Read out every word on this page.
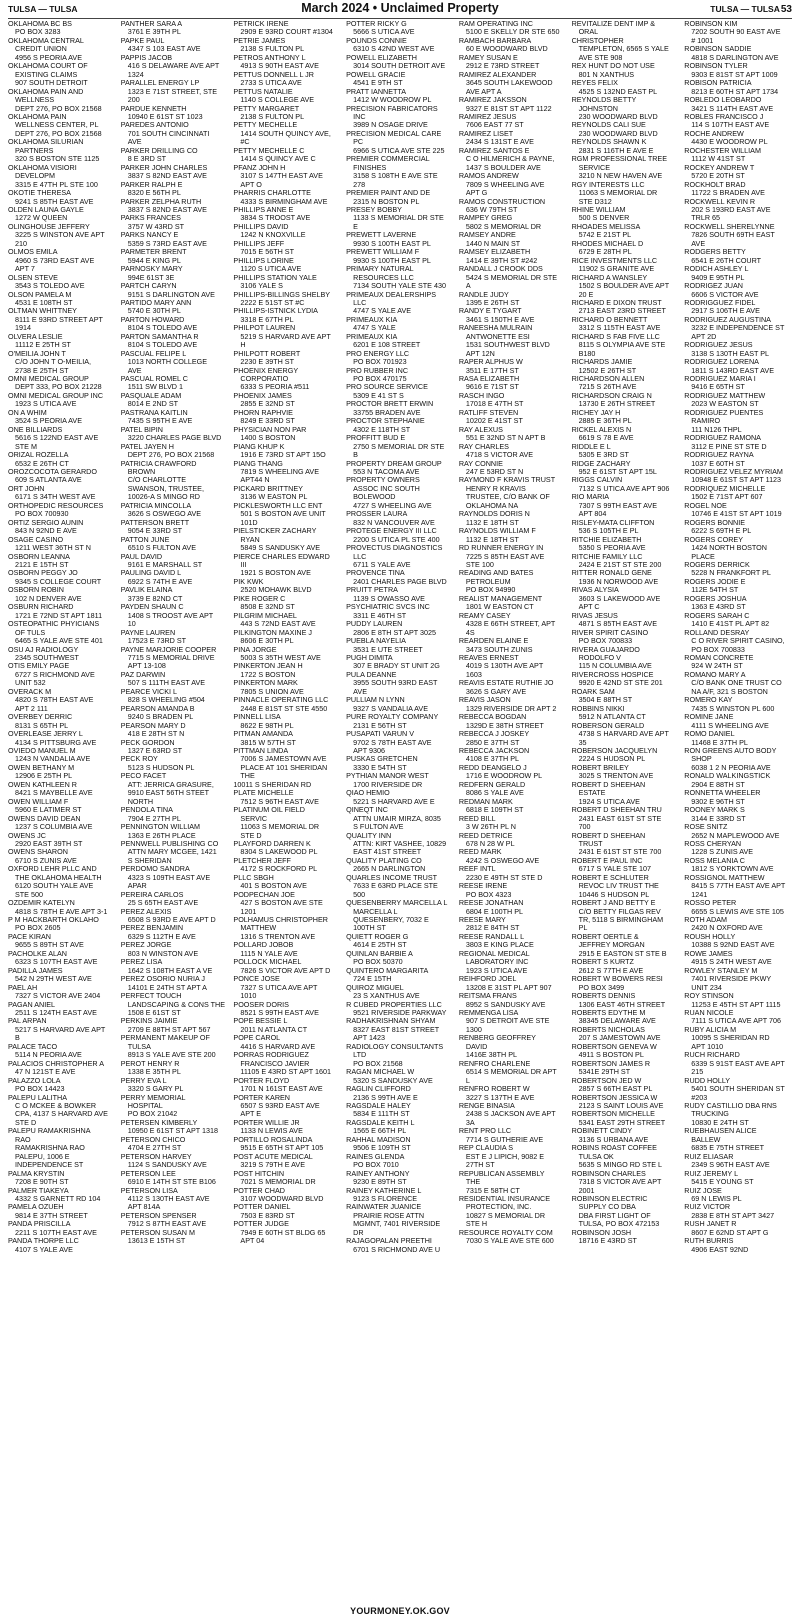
TULSA — TULSA	March 2024 • Unclaimed Property	TULSA — TULSA53
OKLAHOMA BC BS
PO BOX 3283
OKLAHOMA CENTRAL
CREDIT UNION
4956 S PEORIA AVE
OKLAHOMA COURT OF
EXISTING CLAIMS
907 SOUTH DETROIT
OKLAHOMA PAIN AND
WELLNESS
DEPT 276, PO BOX 21568
OKLAHOMA PAIN
WELLNESS CENTER, PL
DEPT 276, PO BOX 21568
OKLAHOMA SILURIAN
PARTNERS
320 S BOSTON STE 1125
OKLAHOMA VISIORI
DEVELOPM
3315 E 47TH PL STE 100
OKOTIE THERESA
9241 S 85TH EAST AVE
OLDEN LAUNA GAYLE
1272 W QUEEN
OLINGHOUSE JEFFERY
3225 S WINSTON AVE APT
210
OLMOS EMILA
4960 S 73RD EAST AVE
APT 7
OLSEN STEVE
3543 S TOLEDO AVE
OLSON PAMELA M
4531 E 108TH ST
OLTMAN WHITTNEY
8111 E 93RD STREET APT
1914
OLVERA LESLIE
11112 E 25TH ST
O'MEILIA JOHN T
C/O JOHN T O-MEILIA,
2738 E 25TH ST
OMNI MEDICAL GROUP
DEPT 333, PO BOX 21228
OMNI MEDICAL GROUP INC
1923 S UTICA AVE
ON A WHIM
3524 S PEORIA AVE
ONE BILLIARDS
5616 S 122ND EAST AVE
STE M
ORIZAL ROZELLA
6532 E 26TH CT
OROZCOCOTA GERARDO
609 S ATLANTA AVE
ORT JOHN
6171 S 34TH WEST AVE
ORTHOPEDIC RESOURCES
PO BOX 700930
ORTIZ SERGIO AUNIN
843 N 92ND E AVE
OSAGE CASINO
1211 WEST 36TH ST N
OSBORN LEANNA
2121 E 15TH ST
OSBORN PEGGY JO
9345 S COLLEGE COURT
OSBORN ROBIN
102 N DENVER AVE
OSBURN RICHARD
1721 E 72ND ST APT 1811
OSTEOPATHIC PHYICIANS
OF TULS
6465 S YALE AVE STE 401
OSU AJ RADIOLOGY
2345 SOUTHWEST
OTIS EMILY PAGE
6727 S RICHMOND AVE
UNIT 532
OVERACK M
4820 S 78TH EAST AVE
APT 2 111
OVERBEY DERRIC
8131 S 65TH PL
OVERLEASE JERRY L
4134 S PITTSBURG AVE
OVIEDO MANUEL M
1243 N VANDALIA AVE
OWEN BETHANY M
12906 E 25TH PL
OWEN KATHLEEN R
8421 S MAYBELLE AVE
OWEN WILLIAM F
5960 E LATIMER ST
OWENS DAVID DEAN
1237 S COLUMBIA AVE
OWENS JC
2920 EAST 39TH ST
OWENS SHARON
6710 S ZUNIS AVE
OXFORD LEHR PLLC AND
THE OKLAHOMA HEALTH
6120 SOUTH YALE AVE
STE 500
OZDEMIR KATELYN
4818 S 78TH E AVE APT 3-1
P M HACKBARTH OKLAHO
PO BOX 2605
PACE KIRAN
9655 S 89TH ST AVE
PACHOLKE ALAN
6323 S 107TH EAST AVE
PADILLA JAMES
542 N 29TH WEST AVE
PAEL AH
7327 S VICTOR AVE 2404
PAGAN ANIEL
2511 S 124TH EAST AVE
PAL ARPAN
5217 S HARVARD AVE APT
B
PALACE TACO
5114 N PEORIA AVE
PALACIOS CHRISTOPHER A
47 N 121ST E AVE
PALAZZO LOLA
PO BOX 14423
PALEPU LALITHA
C O MCKEE & BOWKER
CPA, 4137 S HARVARD AVE
STE D
PALEPU RAMAKRISHNA
RAO
RAMAKRISHNA RAO
PALEPU, 1006 E
INDEPENDENCE ST
PALMA KRYSTIN
7208 E 90TH ST
PALMER TIAKEYA
4332 S GARNETT RD 104
PAMELA OZUEH
9814 E 37TH STREET
PANDA PRISCILLA
2211 S 107TH EAST AVE
PANDA THORPE LLC
4107 S YALE AVE
PANTHER SARA A
3761 E 39TH PL
PAPKE PAUL
4347 S 103 EAST AVE
PAPPIS JACOB
416 S DELAWARE AVE APT
1324
PARALLEL ENERGY LP
1323 E 71ST STREET, STE
200
PARDUE KENNETH
10940 E 61ST ST 1023
PAREDES ANTONIO
701 SOUTH CINCINNATI
AVE
PARKER DRILLING CO
8 E 3RD ST
PARKER JOHN CHARLES
3837 S 82ND EAST AVE
PARKER RALPH E
8320 E 56TH PL
PARKER ZELPHA RUTH
3837 S 82ND EAST AVE
PARKS FRANCES
3757 W 43RD ST
PARKS NANCY E
5359 S 73RD EAST AVE
PARMETER BRENT
5944 E KING PL
PARNOSKY MARY
994E 61ST 3E
PARTCH CARYN
9151 S DARLINGTON AVE
PARTIDO MARY ANN
5740 E 30TH PL
PARTON HOWARD
8104 S TOLEDO AVE
PARTON SAMANTHA R
8104 S TOLEDO AVE
PASCUAL FELIPE L
1013 NORTH COLLEGE
AVE
PASCUAL ROMEL C
1511 SW BLVD 1
PASQUALE ADAM
8014 E 2ND ST
PASTRANA KAITLIN
7435 S 95TH E AVE
PATEL BIPIN
3220 CHARLES PAGE BLVD
PATEL JAYEN H
DEPT 276, PO BOX 21568
PATRICIA CRAWFORD
BROWN
C/O CHARLOTTE
SWANSON, TRUSTEE,
10026-A S MINGO RD
PATRICIA MINCOLLA
3626 S OSWEGO AVE
PATTERSON BRETT
9054 E 33RD ST
PATTON JUNE
6510 S FULTON AVE
PAUL DAVID
9161 E MARSHALL ST
PAULING DAVID L
6922 S 74TH E AVE
PAVLIK ELAINA
3739 E 82ND CT
PAYDEN SHAUN C
1408 S TROOST AVE APT
10
PAYNE LAUREN
17523 E 73RD ST
PAYNE MARJORIE COOPER
7715 S MEMORIAL DRIVE
APT 13-108
PAZ DARWIN
507 S 111TH EAST AVE
PEARCE VICKI L
828 S WHEELING #504
PEARSON AMANDA B
9240 S BRADEN PL
PEARSON MARY D
418 E 28TH ST N
PECK GORDON
1327 E 63RD ST
PECK ROY
5123 S HUDSON PL
PECO FACET
ATT: JERRICA GRASURE,
9910 EAST 56TH STEET
NORTH
PENDOLA TINA
7904 E 27TH PL
PENNINGTON WILLIAM
1363 E 26TH PLACE
PENNWELL PUBLISHING CO
ATTN MARY MCGEE, 1421
S SHERIDAN
PERDOMO SANDRA
4323 S 109TH EAST AVE
APAR
PEREIRA CARLOS
25 S 65TH EAST AVE
PEREZ ALEXIS
6508 S 93RD E AVE APT D
PEREZ BENJAMIN
6329 S 112TH E AVE
PEREZ JORGE
803 N WINSTON AVE
PEREZ LISA
1642 S 108TH EAST A VE
PEREZ OSORIO NURIA J
14101 E 24TH ST APT A
PERFECT TOUCH
LANDSCAPING & CONS THE
1508 E 61ST ST
PERKINS JAIMIE
2709 E 88TH ST APT 567
PERMANENT MAKEUP OF
TULSA
8913 S YALE AVE STE 200
PEROT HENRY R
1338 E 35TH PL
PERRY EVA L
3320 S GARY PL
PERRY MEMORIAL
HOSPITAL
PO BOX 21042
PETERSEN KIMBERLY
10950 E 61ST ST APT 1318
PETERSON CHICO
4704 E 27TH ST
PETERSON HARVEY
1124 S SANDUSKY AVE
PETERSON LEE
6910 E 14TH ST STE B106
PETERSON LISA
4112 S 130TH EAST AVE
APT 814A
PETERSON SPENSER
7912 S 87TH EAST AVE
PETERSON SUSAN M
13613 E 15TH ST
PETRICK IRENE
2909 E 93RD COURT #1304
PETRIE JAMES
2138 S FULTON PL
PETROS ANTHONY L
4913 S 90TH EAST AVE
PETTUS DONNELL L JR
2733 S UTICA AVE
PETTUS NATALIE
1140 S COLLEGE AVE
PETTY MARGARET
2138 S FULTON PL
PETTY MECHELLE
1414 SOUTH QUINCY AVE,
#C
PETTY MECHELLE C
1414 S QUINCY AVE C
PFANZ JOHN H
3107 S 147TH EAST AVE
APT O
PHARRIS CHARLOTTE
4333 S BIRMINGHAM AVE
PHILLIPS ANNE E
3834 S TROOST AVE
PHILLIPS DAVID
1242 N KNOXVILLE
PHILLIPS JEFF
7015 E 56TH ST
PHILLIPS LORINE
1120 S UTICA AVE
PHILLIPS STATION YALE
3106 YALE S
PHILLIPS-BILLINGS SHELBY
2222 E 51ST ST #C
PHILLIPS-ISTNICK LYDIA
3318 E 67TH PL
PHILPOT LAUREN
5219 S HARVARD AVE APT
H
PHILPOTT ROBERT
2230 E 39TH ST
PHOENIX ENERGY
CORPORATIO
6333 S PEORIA #511
PHOENIX JAMES
2855 E 32ND ST
PHORN RAPHVIE
8249 E 33RD ST
PHYSICIAN NON PAR
1400 S BOSTON
PIANG KHUP K
1916 E 73RD ST APT 15O
PIANG THANG
7819 S WHEELING AVE
APT44 N
PICKARD BRITTNEY
3136 W EASTON PL
PICKLESWORTH LLC ENT
501 S BOSTON AVE UNIT
101D
PIELSTICKER ZACHARY
RYAN
5849 S SANDUSKY AVE
PIERCE CHARLES EDWARD
III
1921 S BOSTON AVE
PIK KWK
2520 MOHAWK BLVD
PIKE ROGER C
8508 E 32ND ST
PILGRIM MICHAEL
443 S 72ND EAST AVE
PILKINGTON MAXINE J
8606 E 30TH PL
PINA JORGE
5003 S 35TH WEST AVE
PINKERTON JEAN H
1722 S BOSTON
PINKERTON MARK
7805 S UNION AVE
PINNACLE OPERATING LLC
2448 E 81ST ST STE 4550
PINNELL LISA
8622 E 98TH PL
PITMAN AMANDA
3815 W 57TH ST
PITTMAN LINDA
7006 S JAMESTOWN AVE
PLACE AT 101 SHERIDAN
THE
10011 S SHERIDAN RD
PLATE MICHELLE
7512 S 96TH EAST AVE
PLATINUM OIL FIELD
SERVIC
11063 S MEMORIAL DR
STE D
PLAYFORD DARREN K
8304 S LAKEWOOD PL
PLETCHER JEFF
4172 S ROCKFORD PL
PLLC SBGH
401 S BOSTON AVE
PODPECHAN JOE
427 S BOSTON AVE STE
1201
POLHAMUS CHRISTOPHER
MATTHEW
1316 S TRENTON AVE
POLLARD JOBOB
1115 N YALE AVE
POLLOCK MICHAEL
7826 S VICTOR AVE APT D
PONCE JOSE
7327 S UTICA AVE APT
1010
POOSER DORIS
8521 S 99TH EAST AVE
POPE BESSIE L
2011 N ATLANTA CT
POPE CAROL
4416 S HARVARD AVE
PORRAS RODRIGUEZ
FRANCISCO JAVIER
11105 E 43RD ST APT 1601
PORTER FLOYD
1701 N 161ST EAST AVE
PORTER KAREN
6507 S 93RD EAST AVE
APT E
PORTER WILLIE JR
1133 N LEWIS AVE
PORTILLO ROSALINDA
9515 E 65TH ST APT 105
POST ACUTE MEDICAL
3219 S 79TH E AVE
POST HITCHIN
7021 S MEMORIAL DR
POTTER CHAD
3107 WOODWARD BLVD
POTTER DANIEL
7503 E 83RD ST
POTTER JUDGE
7949 E 60TH ST BLDG 65
APT 04
POTTER RICKY G
5666 S UTICA AVE
POUNDS CONNIE
6310 S 42ND WEST AVE
POWELL ELIZABETH
3014 SOUTH DETROIT AVE
POWELL GRACIE
4541 E 9TH ST
PRATT IANNETTA
1412 W WOODROW PL
PRECISION FABRICATORS
INC
3989 N OSAGE DRIVE
PRECISION MEDICAL CARE
PC
6966 S UTICA AVE STE 225
PREMIER COMMERCIAL
FINISHES
3158 S 108TH E AVE STE
278
PREMIER PAINT AND DE
2315 N BOSTON PL
PRESEY BOBBY
1133 S MEMORIAL DR STE
E
PREWETT LAVERNE
9930 S 100TH EAST PL
PREWETT WILLIAM F
9930 S 100TH EAST PL
PRIMARY NATURAL
RESOURCES LLC
7134 SOUTH YALE STE 430
PRIMEAUX DEALERSHIPS
LLC
4747 S YALE AVE
PRIMEAUX KIA
4747 S YALE
PRIMEAUX KIA
6201 E 108 STREET
PRO ENERGY LLC
PO BOX 701923
PRO RUBBER INC
PO BOX 470175
PRO SOURCE SERVICE
5309 E 41 ST S
PROCTOR BRETT ERWIN
33755 BRADEN AVE
PROCTOR STEPHANIE
4302 E 118TH ST
PROFFITT BUD E
2750 S MEMORIAL DR STE
B
PROPERTY DREAM GROUP
553 N TACOMA AVE
PROPERTY OWNERS
ASSOC INC SOUTH
BOLEWOOD
4727 S WHEELING AVE
PROSSER LAURA
832 N VANCOUVER AVE
PROTEGE ENERGY III LLC
2200 S UTICA PL STE 400
PROVECTUS DIAGNOSTICS
LLC
6711 S YALE AVE
PROVENCE TINA
2401 CHARLES PAGE BLVD
PRUITT PETRA
1139 S OWASSO AVE
PSYCHIATRIC SVCS INC
3311 E 46TH ST
PUDDY LAUREN
2806 E 8TH ST APT 3025
PUEBLA NAYELIA
3531 E UTE STREET
PUGH DIMITA
307 E BRADY ST UNIT 2G
PULA DEANNE
3955 SOUTH 93RD EAST
AVE
PULLIAM N LYNN
9327 S VANDALIA AVE
PURE ROYALTY COMPANY
2131 E 56TH ST
PUSAPATI VARUN V
9702 S 78TH EAST AVE
APT 9306
PUSKAS GRETCHEN
3330 E 54TH ST
PYTHIAN MANOR WEST
1700 RIVERSIDE DR
QIAO HEMIO
5221 S HARVARD AVE E
QINEQT INC
ATTN UMAIR MIRZA, 8035
S FULTON AVE
QUALITY INN
ATTN: KIRT VASHEE, 10829
EAST 41ST STREET
QUALITY PLATING CO
2665 N DARLINGTON
QUARLES INCOME TRUST
7633 E 63RD PLACE STE
500
QUESENBERRY MARCELLA L
MARCELLA L
QUESENBERY, 7032 E
100TH ST
QUIETT ROGER G
4614 E 25TH ST
QUINLAN BARBIE A
PO BOX 50370
QUINTERO MARGARITA
724 E 15TH
QUIROZ MIGUEL
23 S XANTHUS AVE
R CUBED PROPERTIES LLC
9521 RIVERSIDE PARKWAY
RADHAKRISHNAN SHYAM
8327 EAST 81ST STREET
APT 1423
RADIOLOGY CONSULTANTS
LTD
PO BOX 21568
RAGAN MICHAEL W
5320 S SANDUSKY AVE
RAGLIN CLIFFORD
2136 S 99TH AVE E
RAGSDALE HALEY
5834 E 111TH ST
RAGSDALE KEITH L
1565 E 66TH PL
RAHHAL MADISON
9506 E 109TH ST
RAINES GLENDA
PO BOX 7010
RAINEY ANTHONY
9230 E 89TH ST
RAINEY KATHERINE L
9123 S FLORENCE
RAINWATER JUANICE
PRAIRIE ROSE ATTN
MGMNT, 7401 RIVERSIDE
DR
RAJAGOPALAN PREETHI
6701 S RICHMOND AVE U
RAM OPERATING INC
5100 E SKELLY DR STE 650
RAMBACH BARBARA
60 E WOODWARD BLVD
RAMEY SUSAN E
2912 E 73RD STREET
RAMIREZ ALEXANDER
3645 SOUTH LAKEWOOD
AVE APT A
RAMIREZ JAKSSON
9327 E 81ST ST APT 1122
RAMIREZ JESUS
7606 EAST 77 ST
RAMIREZ LISET
2434 S 131ST E AVE
RAMIREZ SANTOS E
C O HILMERICH & PAYNE,
1437 S BOULDER AVE
RAMOS ANDREW
7809 S WHEELING AVE
APT G
RAMOS CONSTRUCTION
636 W 79TH ST
RAMPEY GREG
5802 S MEMORIAL DR
RAMSEY ANDRE
1440 N MAIN ST
RAMSEY ELIZABETH
1414 E 39TH ST #242
RANDALL J CROOK DDS
5424 S MEMORIAL DR STE
A
RANDLE JUDY
1395 E 26TH ST
RANDY E TYGART
3461 S 150TH E AVE
RANEESHA MULRAIN
ANTWONETTE ESI
1531 SOUTHWEST BLVD
APT 12N
RAPER ALPHUS W
3511 E 17TH ST
RASA ELIZABETH
9616 E 71ST ST
RASCH INGO
17018 E 47TH ST
RATLIFF STEVEN
10202 E 41ST ST
RAY ALEXUS
551 E 32ND ST N APT B
RAY CHARLES
4718 S VICTOR AVE
RAY CONNIE
247 E 53RD ST N
RAYMOND F KRAVIS TRUST
HENRY R KRAVIS
TRUSTEE, C/O BANK OF
OKLAHOMA NA
RAYNOLDS DORIS N
1132 E 18TH ST
RAYNOLDS WILLIAM F
1132 E 18TH ST
RD RUNNER ENERGY IN
7225 S 85TH EAST AVE
STE 100
READING AND BATES
PETROLEUM
PO BOX 94990
REALIST MANAGEMENT
1801 W EASTON CT
REAMY CASEY
4328 E 66TH STREET, APT
4S
REARDEN ELAINE E
3473 SOUTH ZUNIS
REAVES ERNEST
4019 S 130TH AVE APT
1603
REAVIS ESTATE RUTHIE JO
3626 S GARY AVE
REAVIS JASON
1329 RIVERSIDE DR APT 2
REBECCA BOGDAN
1329D E 38TH STREET
REBECCA J JOSKEY
2850 E 37TH ST
REBECCA JACKSON
4108 E 37TH PL
REDD DEANGELO J
1716 E WOODROW PL
REDFERN GERALD
8086 S YALE AVE
REDMAN MARK
6818 E 109TH ST
REED BILL
3 W 26TH PL N
REED DETRICE
678 N 28 W PL
REED MARK
4242 S OSWEGO AVE
REEF INTL
2230 E 49TH ST STE D
REESE IRENE
PO BOX 4323
REESE JONATHAN
6804 E 100TH PL
REESE MARY
2812 E 84TH ST
REESE RANDALL L
3803 E KING PLACE
REGIONAL MEDICAL
LABORATORY INC
1923 S UTICA AVE
REIHFORD JOEL
13208 E 31ST PL APT 907
REITSMA FRANS
8952 S SANDUSKY AVE
REMMENGA LISA
907 S DETROIT AVE STE
1300
RENBERG GEOFFREY
DAVID
1416E 38TH PL
RENFRO CHARLENE
6514 S MEMORIAL DR APT
L
RENFRO ROBERT W
3227 S 137TH E AVE
RENGE BINASIA
2438 S JACKSON AVE APT
3A
RENT PRO LLC
7714 S GUTHERIE AVE
REP CLAUDIA S
EST E J LIPICH, 9082 E
27TH ST
REPUBLICAN ASSEMBLY
THE
7315 E 58TH CT
RESIDENTIAL INSURANCE
PROTECTION, INC.
10827 S MEMORIAL DR
STE H
RESOURCE ROYALTY COM
7030 S YALE AVE STE 600
REVITALIZE DENT IMP &
ORAL
CHRISTOPHER
TEMPLETON, 6565 S YALE
AVE STE 908
REX HUNT DO NOT USE
801 N XANTHUS
REYES FELIX
4525 S 132ND EAST PL
REYNOLDS BETTY
JOHNSTON
230 WOODWARD BLVD
REYNOLDS CALI SUE
230 WOODWARD BLVD
REYNOLDS SHAWN K
2831 S 116TH E AVE E
RGM PROFESSIONAL TREE
SERVICE
3210 N NEW HAVEN AVE
RGY INTERESTS LLC
11063 S MEMORIAL DR
STE D312
RHINE WILLIAM
500 S DENVER
RHOADES MELISSA
5742 E 21ST PL
RHODES MICHAEL D
6729 E 28TH PL
RICE INVESTMENTS LLC
11902 S GRANITE AVE
RICHARD A WANSLEY
1502 S BOULDER AVE APT
20 E
RICHARD E DIXON TRUST
2713 EAST 23RD STREET
RICHARD O BENNETT
3312 S 115TH EAST AVE
RICHARD S FAB FIVE LLC
8115 S OLYMPIA AVE STE
B180
RICHARDS JAMIE
12502 E 26TH ST
RICHARDSON ALLEN
7215 S 26TH AVE
RICHARDSON CRAIG N
13730 E 26TH STREET
RICHEY JAY H
2885 E 36TH PL
RICKEL ALEXIS N
6619 S 78 E AVE
RIDDLE E L
5305 E 3RD ST
RIDGE ZACHARY
952 E 61ST ST APT 15L
RIGGS CALVIN
7132 S UTICA AVE APT 906
RIO MARIA
7307 S 99TH EAST AVE
APT 804
RISLEY-MATA CLIFFTON
536 S 105TH E PL
RITCHIE ELIZABETH
5350 S PEORIA AVE
RITCHIE FAMILY LLC
2424 E 21ST ST STE 200
RITTER RONALD GENE
1936 N NORWOOD AVE
RIVAS ALYSIA
3603 S LAKEWOOD AVE
APT C
RIVAS JESUS
4871 S 85TH EAST AVE
RIVER SPIRIT CASINO
PO BOX 700833
RIVERA GUAJARDO
RODOLFO V
115 N COLUMBIA AVE
RIVERCROSS HOSPICE
9920 E 42ND ST STE 201
ROARK SAM
3504 E 88TH ST
ROBBINS NIKKI
5912 N ATLANTA CT
ROBERSON GERALD
4738 S HARVARD AVE APT
35
ROBERSON JACQUELYN
2224 S HUDSON PL
ROBERT BRILEY
3025 S TRENTON AVE
ROBERT D SHEEHAN
ESTATE
1924 S UTICA AVE
ROBERT D SHEEHAN TRU
2431 EAST 61ST ST STE
700
ROBERT D SHEEHAN
TRUST
2431 E 61ST ST STE 700
ROBERT E PAUL INC
6717 S YALE STE 107
ROBERT E SCHLUTER
REVOC LIV TRUST THE
10446 S HUDSON PL
ROBERT J AND BETTY E
C/O BETTY FILGAS REV
TR, 5118 S BIRMINGHAM
PL
ROBERT OERTLE &
JEFFREY MORGAN
2915 E EASTON ST STE B
ROBERT S KURTZ
2612 S 77TH E AVE
ROBERT W BOWERS RESI
PO BOX 3499
ROBERTS DENNIS
1306 EAST 46TH STREET
ROBERTS EDYTHE M
38345 DELAWARE AVE
ROBERTS NICHOLAS
207 S JAMESTOWN AVE
ROBERTSON GENEVA W
4911 S BOSTON PL
ROBERTSON JAMES R
5341E 29TH ST
ROBERTSON JED W
2857 S 66TH EAST PL
ROBERTSON JESSICA W
2123 S SAINT LOUIS AVE
ROBERTSON MICHELLE
5341 EAST 29TH STREET
ROBINETT CINDY
3136 S URBANA AVE
ROBINS ROAST COFFEE
TULSA OK
5635 S MINGO RD STE L
ROBINSON CHARLES
7318 S VICTOR AVE APT
2001
ROBINSON ELECTRIC
SUPPLY CO DBA
DBA FIRST LIGHT OF
TULSA, PO BOX 472153
ROBINSON JOSH
18716 E 43RD ST
ROBINSON KIM
7202 SOUTH 90 EAST AVE
# 1001
ROBINSON SADDIE
4818 S DARLINGTON AVE
ROBINSON TYLER
9303 E 81ST ST APT 1009
ROBISON PATRICIA
8213 E 60TH ST APT 1734
ROBLEDO LEOBARDO
3421 S 114TH EAST AVE
ROBLES FRANCISCO J
114 S 107TH EAST AVE
ROCHE ANDREW
4430 E WOODROW PL
ROCHESTER WILLIAM
1112 W 41ST ST
ROCKEY ANDREW T
5720 E 20TH ST
ROCKHOLT BRAD
11722 S BRADEN AVE
ROCKWELL KEVIN R
202 S 193RD EAST AVE
TRLR 65
ROCKWELL SHERELYNNE
7826 SOUTH 69TH EAST
AVE
RODGERS BETTY
6541 E 26TH COURT
RODICH ASHLEY L
9409 E 95TH PL
RODRIGEZ JUAN
6606 S VICTOR AVE
RODRIGGUEZ FIDEL
2917 S 106TH E AVE
RODRIGUEZ AUGUSTINA
3232 E INDEPENDENCE ST
APT 2D
RODRIGUEZ JESUS
3138 S 130TH EAST PL
RODRIGUEZ LORENA
1811 S 143RD EAST AVE
RODRIGUEZ MARIA I
9416 E 65TH ST
RODRIGUEZ MATTHEW
2023 W EASTON ST
RODRIGUEZ PUENTES
RAMIRO
111 N126 THPL
RODRIGUEZ RAMONA
3112 E PINE ST STE D
RODRIGUEZ RAYNA
1037 E 60TH ST
RODRIGUEZ VELEZ MYRIAM
10948 E 61ST ST APT 1123
RODRIQUEZ MICHELLE
1502 E 71ST APT 607
ROGEL NOE
10746 E 41ST ST APT 1019
ROGERS BONNIE
6222 S 69TH E PL
ROGERS COREY
1424 NORTH BOSTON
PLACE
ROGERS DERRICK
5228 N FRANKFORT PL
ROGERS JODIE E
112E 54TH ST
ROGERS JOSHUA
1363 E 43RD ST
ROGERS SARAH C
1410 E 41ST PL APT 82
ROLLAND DESRAY
C O RIVER SPIRIT CASINO,
PO BOX 700833
ROMAN CONCRETE
924 W 24TH ST
ROMANO MARY A
C/O BANK ONE TRUST CO
NA A/F, 321 S BOSTON
ROMERO KAY
7435 S WINSTON PL 600
ROMINE JANE
4111 S WHEELING AVE
ROMO DANIEL
11468 E 37TH PL
RON GREENS AUTO BODY
SHOP
6038 1 2 N PEORIA AVE
RONALD WALKINGSTICK
2904 E 88TH ST
RONNETTA WHEELER
9302 E 96TH ST
ROONEY MARK S
3144 E 33RD ST
ROSE SNITZ
2652 N MAPLEWOOD AVE
ROSS CHERYAN
1228 S ZUNIS AVE
ROSS MELANIA C
1812 S YORKTOWN AVE
ROSSIGNOL MATTHEW
8415 S 77TH EAST AVE APT
1241
ROSSO PETER
6655 S LEWIS AVE STE 105
ROTH ADAM
2420 N OXFORD AVE
ROUSH HOLLY
10388 S 92ND EAST AVE
ROWE JAMES
4915 S 24TH WEST AVE
ROWLEY STANLEY M
7401 RIVERSIDE PKWY
UNIT 234
ROY STINSON
11253 E 45TH ST APT 1115
RUAN NICOLE
7111 S UTICA AVE APT 706
RUBY ALICIA M
10095 S SHERIDAN RD
APT 1010
RUCH RICHARD
6339 S 91ST EAST AVE APT
215
RUDD HOLLY
5401 SOUTH SHERIDAN ST
#203
RUDY CASTILLIO DBA RNS
TRUCKING
10830 E 24TH ST
RUEBHAUSEN ALICE
BALLEW
6835 E 75TH STREET
RUIZ ELIASAR
2349 S 96TH EAST AVE
RUIZ JEREMY L
5415 E YOUNG ST
RUIZ JOSE
69 N LEWIS PL
RUIZ VICTOR
2838 E 8TH ST APT 3427
RUSH JANET R
8607 E 62ND ST APT G
RUTH BURRIS
4906 EAST 92ND
YOURMONEY.OK.GOV
